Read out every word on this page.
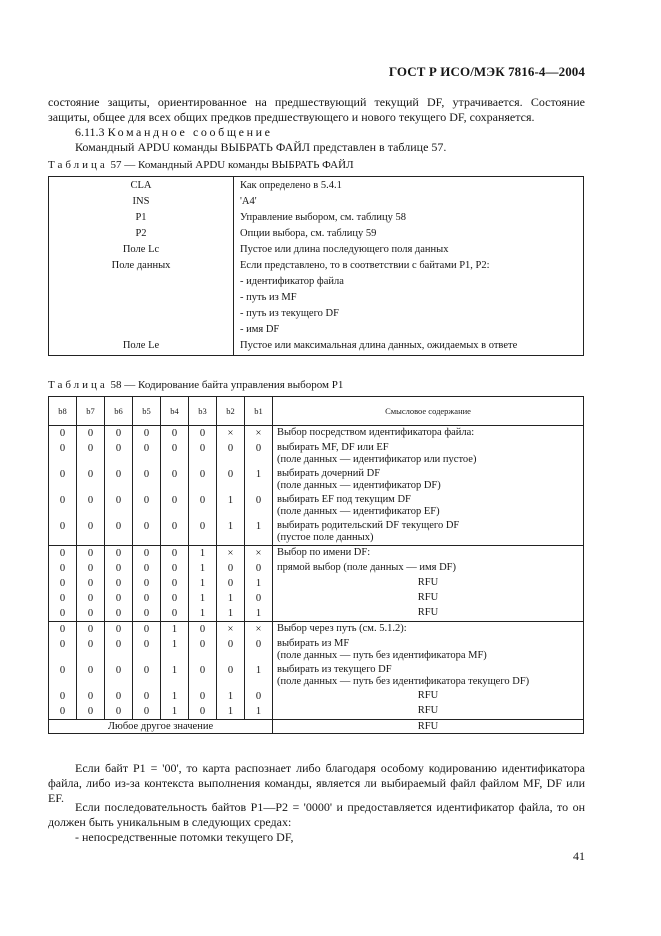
ГОСТ Р ИСО/МЭК 7816-4—2004
состояние защиты, ориентированное на предшествующий текущий DF, утрачивается. Состояние защиты, общее для всех общих предков предшествующего и нового текущего DF, сохраняется.
6.11.3 Командное сообщение
Командный APDU команды ВЫБРАТЬ ФАЙЛ представлен в таблице 57.
Таблица 57 — Командный APDU команды ВЫБРАТЬ ФАЙЛ
CLA	Как определено в 5.4.1
INS	'A4'
P1	Управление выбором, см. таблицу 58
P2	Опции выбора, см. таблицу 59
Поле Lc	Пустое или длина последующего поля данных
Поле данных	Если представлено, то в соответствии с байтами P1, P2:
	- идентификатор файла
	- путь из MF
	- путь из текущего DF
	- имя DF
Поле Le	Пустое или максимальная длина данных, ожидаемых в ответе
Таблица 58 — Кодирование байта управления выбором P1
b8	b7	b6	b5	b4	b3	b2	b1	Смысловое содержание
0	0	0	0	0	0	×	×	Выбор посредством идентификатора файла:

0	0	0	0	0	0	0	0	выбирать MF, DF или EF
(поле данных — идентификатор или пустое)

0	0	0	0	0	0	0	1	выбирать дочерний DF
(поле данных — идентификатор DF)

0	0	0	0	0	0	1	0	выбирать EF под текущим DF
(поле данных — идентификатор EF)

0	0	0	0	0	0	1	1	выбирать родительский DF текущего DF
(пустое поле данных)

0	0	0	0	0	1	×	×	Выбор по имени DF:

0	0	0	0	0	1	0	0	прямой выбор (поле данных — имя DF)

0	0	0	0	0	1	0	1	RFU

0	0	0	0	0	1	1	0	RFU

0	0	0	0	0	1	1	1	RFU

0	0	0	0	1	0	×	×	Выбор через путь (см. 5.1.2):

0	0	0	0	1	0	0	0	выбирать из MF
(поле данных — путь без идентификатора MF)

0	0	0	0	1	0	0	1	выбирать из текущего DF
(поле данных — путь без идентификатора текущего DF)

0	0	0	0	1	0	1	0	RFU

0	0	0	0	1	0	1	1	RFU

Любое другое значение								RFU
Если байт P1 = '00', то карта распознает либо благодаря особому кодированию идентификатора файла, либо из-за контекста выполнения команды, является ли выбираемый файл файлом MF, DF или EF.
Если последовательность байтов P1—P2 = '0000' и предоставляется идентификатор файла, то он должен быть уникальным в следующих средах:
- непосредственные потомки текущего DF,
41
